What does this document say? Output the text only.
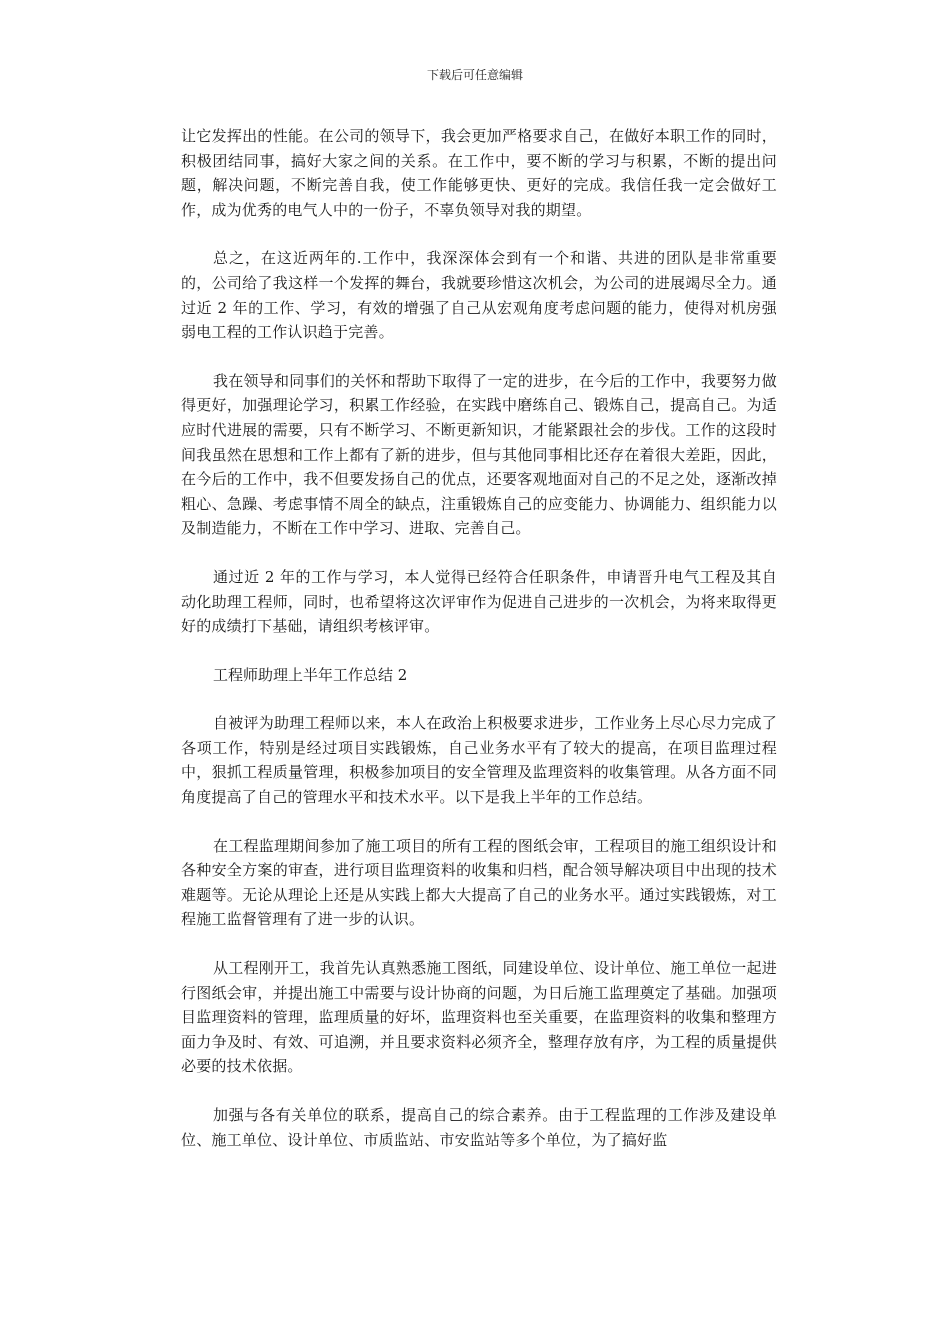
下载后可任意编辑

让它发挥出的性能。在公司的领导下，我会更加严格要求自己，在做好本职工作的同时，积极团结同事，搞好大家之间的关系。在工作中，要不断的学习与积累，不断的提出问题，解决问题，不断完善自我，使工作能够更快、更好的完成。我信任我一定会做好工作，成为优秀的电气人中的一份子，不辜负领导对我的期望。

总之，在这近两年的.工作中，我深深体会到有一个和谐、共进的团队是非常重要的，公司给了我这样一个发挥的舞台，我就要珍惜这次机会，为公司的进展竭尽全力。通过近 2 年的工作、学习，有效的增强了自己从宏观角度考虑问题的能力，使得对机房强弱电工程的工作认识趋于完善。

我在领导和同事们的关怀和帮助下取得了一定的进步，在今后的工作中，我要努力做得更好，加强理论学习，积累工作经验，在实践中磨练自己、锻炼自己，提高自己。为适应时代进展的需要，只有不断学习、不断更新知识，才能紧跟社会的步伐。工作的这段时间我虽然在思想和工作上都有了新的进步，但与其他同事相比还存在着很大差距，因此，在今后的工作中，我不但要发扬自己的优点，还要客观地面对自己的不足之处，逐渐改掉粗心、急躁、考虑事情不周全的缺点，注重锻炼自己的应变能力、协调能力、组织能力以及制造能力，不断在工作中学习、进取、完善自己。

通过近 2 年的工作与学习，本人觉得已经符合任职条件，申请晋升电气工程及其自动化助理工程师，同时，也希望将这次评审作为促进自己进步的一次机会，为将来取得更好的成绩打下基础，请组织考核评审。

工程师助理上半年工作总结 2

自被评为助理工程师以来，本人在政治上积极要求进步，工作业务上尽心尽力完成了各项工作，特别是经过项目实践锻炼，自己业务水平有了较大的提高，在项目监理过程中，狠抓工程质量管理，积极参加项目的安全管理及监理资料的收集管理。从各方面不同角度提高了自己的管理水平和技术水平。以下是我上半年的工作总结。

在工程监理期间参加了施工项目的所有工程的图纸会审，工程项目的施工组织设计和各种安全方案的审查，进行项目监理资料的收集和归档，配合领导解决项目中出现的技术难题等。无论从理论上还是从实践上都大大提高了自己的业务水平。通过实践锻炼，对工程施工监督管理有了进一步的认识。

从工程刚开工，我首先认真熟悉施工图纸，同建设单位、设计单位、施工单位一起进行图纸会审，并提出施工中需要与设计协商的问题，为日后施工监理奠定了基础。加强项目监理资料的管理，监理质量的好坏，监理资料也至关重要，在监理资料的收集和整理方面力争及时、有效、可追溯，并且要求资料必须齐全，整理存放有序，为工程的质量提供必要的技术依据。

加强与各有关单位的联系，提高自己的综合素养。由于工程监理的工作涉及建设单位、施工单位、设计单位、市质监站、市安监站等多个单位，为了搞好监
